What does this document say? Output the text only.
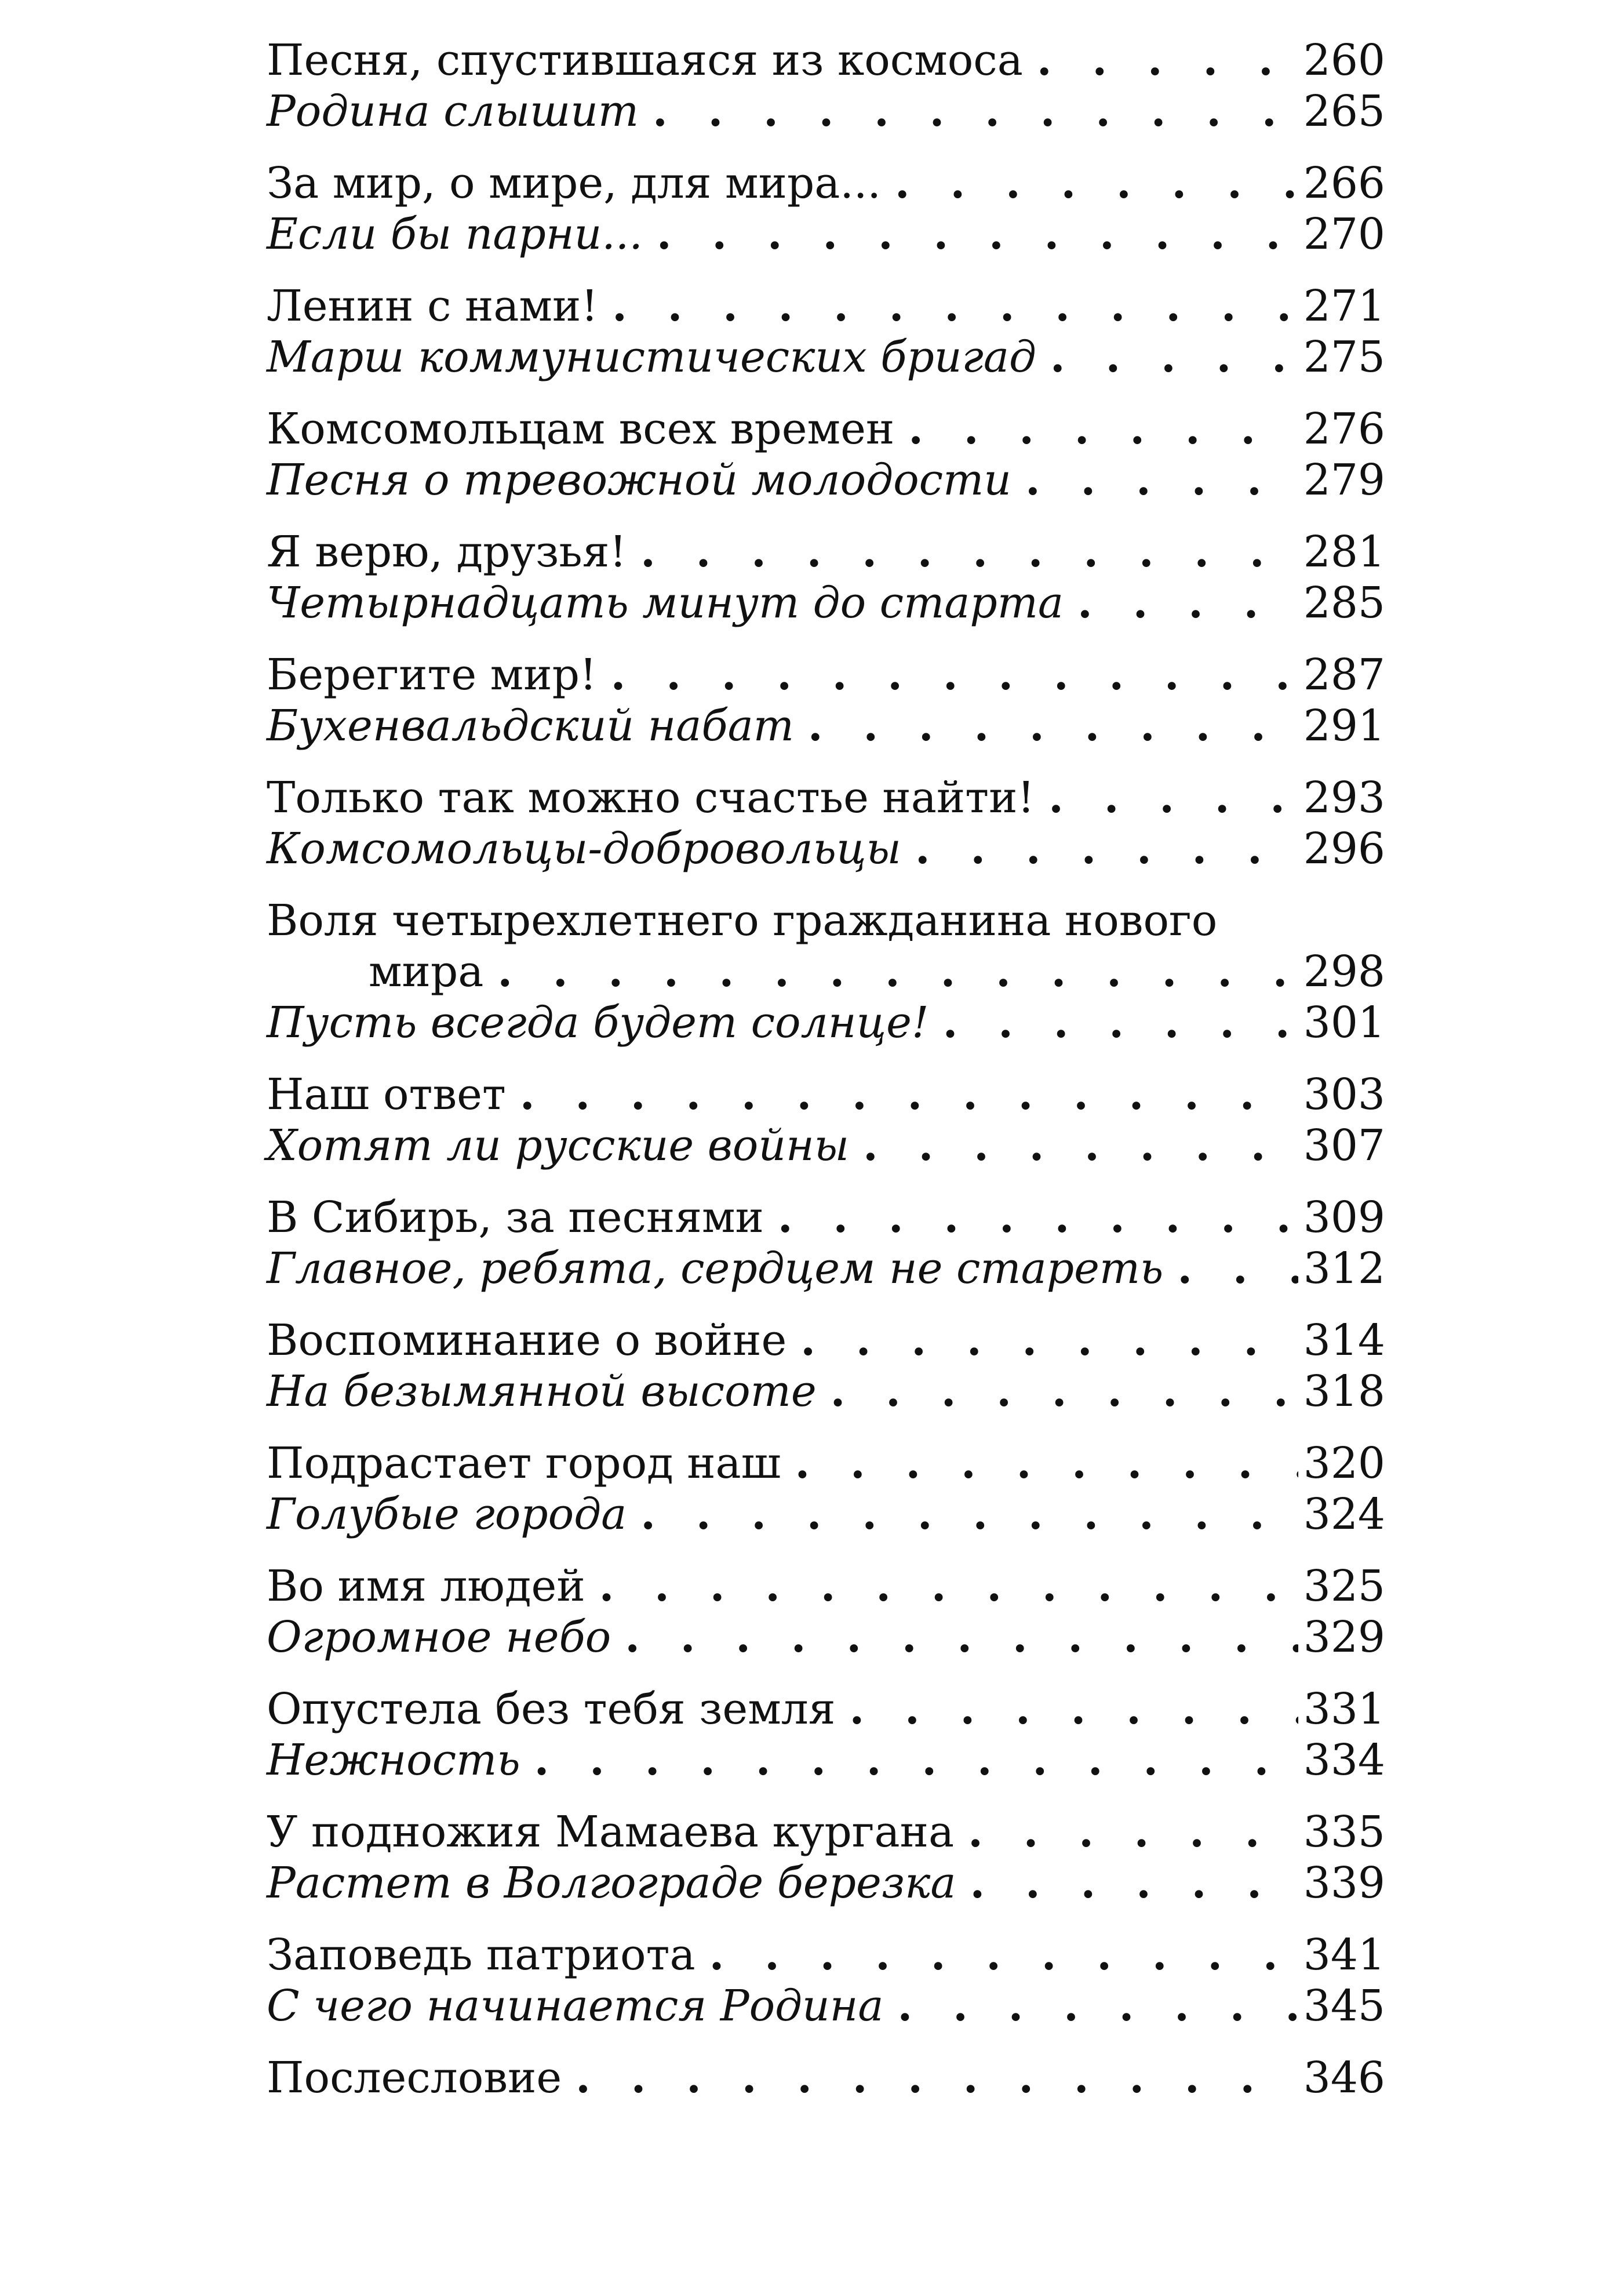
Песня, спустившаяся из космоса . . .	260
Родина слышит . . .	265
За мир, о мире, для мира... . . .	266
Если бы парни... . . .	270
Ленин с нами! . . .	271
Марш коммунистических бригад . . .	275
Комсомольцам всех времен . . .	276
Песня о тревожной молодости . . .	279
Я верю, друзья! . . .	281
Четырнадцать минут до старта . . .	285
Берегите мир! . . .	287
Бухенвальдский набат . . .	291
Только так можно счастье найти! . . .	293
Комсомольцы-добровольцы . . .	296
Воля четырехлетнего гражданина нового
мира . . .	298
Пусть всегда будет солнце! . . .	301
Наш ответ . . .	303
Хотят ли русские войны . . .	307
В Сибирь, за песнями . . .	309
Главное, ребята, сердцем не стареть . . .	312
Воспоминание о войне . . .	314
На безымянной высоте . . .	318
Подрастает город наш . . .	320
Голубые города . . .	324
Во имя людей . . .	325
Огромное небо . . .	329
Опустела без тебя земля . . .	331
Нежность . . .	334
У подножия Мамаева кургана . . .	335
Растет в Волгограде березка . . .	339
Заповедь патриота . . .	341
С чего начинается Родина . . .	345
Послесловие . . .	346
